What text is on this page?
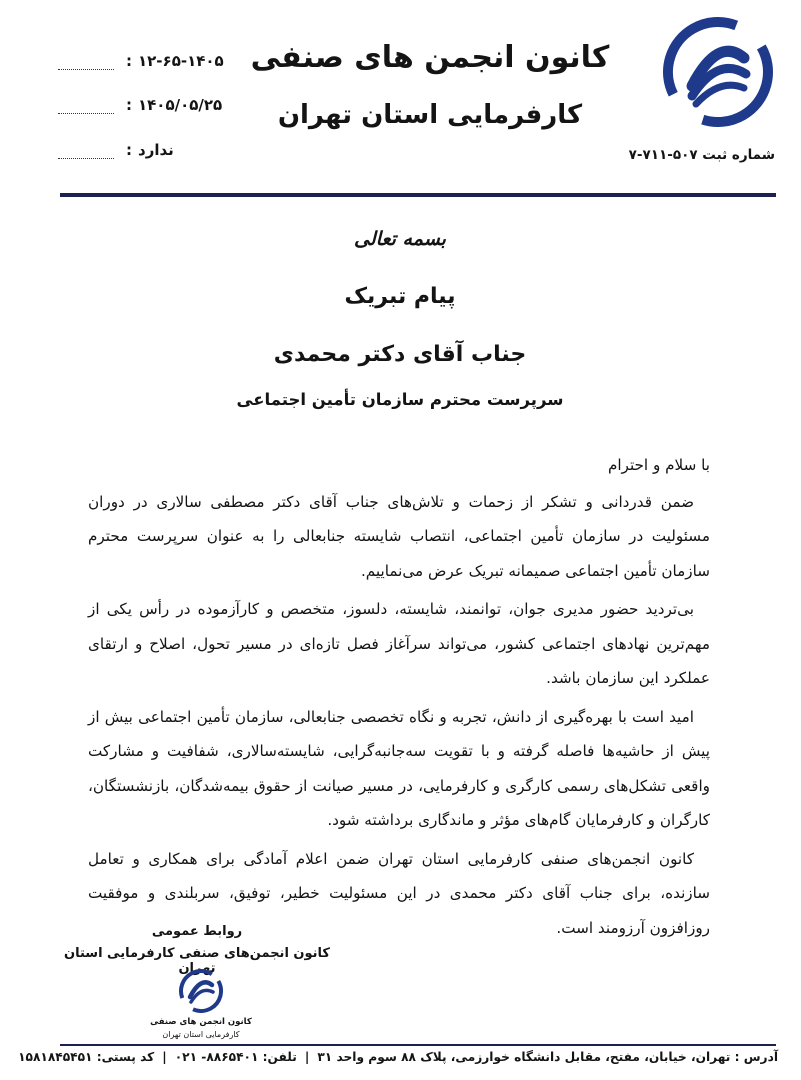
کانون انجمن های صنفی
کارفرمایی استان تهران
شماره ثبت ۵۰۷-۷۱۱-۷
: ۱۲-۶۵-۱۴۰۵
: ۱۴۰۵/۰۵/۲۵
: ندارد
بسمه تعالی
پیام تبریک
جناب آقای دکتر محمدی
سرپرست محترم سازمان تأمین اجتماعی

با سلام و احترام

ضمن قدردانی و تشکر از زحمات و تلاش‌های جناب آقای دکتر مصطفی سالاری در دوران مسئولیت در سازمان تأمین اجتماعی، انتصاب شایسته جنابعالی را به عنوان سرپرست محترم سازمان تأمین اجتماعی صمیمانه تبریک عرض می‌نماییم.

بی‌تردید حضور مدیری جوان، توانمند، شایسته، دلسوز، متخصص و کارآزموده در رأس یکی از مهم‌ترین نهادهای اجتماعی کشور، می‌تواند سرآغاز فصل تازه‌ای در مسیر تحول، اصلاح و ارتقای عملکرد این سازمان باشد.

امید است با بهره‌گیری از دانش، تجربه و نگاه تخصصی جنابعالی، سازمان تأمین اجتماعی بیش از پیش از حاشیه‌ها فاصله گرفته و با تقویت سه‌جانبه‌گرایی، شایسته‌سالاری، شفافیت و مشارکت واقعی تشکل‌های رسمی کارگری و کارفرمایی، در مسیر صیانت از حقوق بیمه‌شدگان، بازنشستگان، کارگران و کارفرمایان گام‌های مؤثر و ماندگاری برداشته شود.

کانون انجمن‌های صنفی کارفرمایی استان تهران ضمن اعلام آمادگی برای همکاری و تعامل سازنده، برای جناب آقای دکتر محمدی در این مسئولیت خطیر، توفیق، سربلندی و موفقیت روزافزون آرزومند است.

روابط عمومی
کانون انجمن‌های صنفی کارفرمایی استان تهران
کانون انجمن های صنفی
کارفرمایی استان تهران
آدرس : تهران، خیابان، مفتح، مقابل دانشگاه خوارزمی، پلاک ۸۸ سوم واحد ۳۱
|
تلفن: ۸۸۶۵۴۰۱- ۰۲۱
|
کد پستی: ۱۵۸۱۸۴۵۴۵۱
